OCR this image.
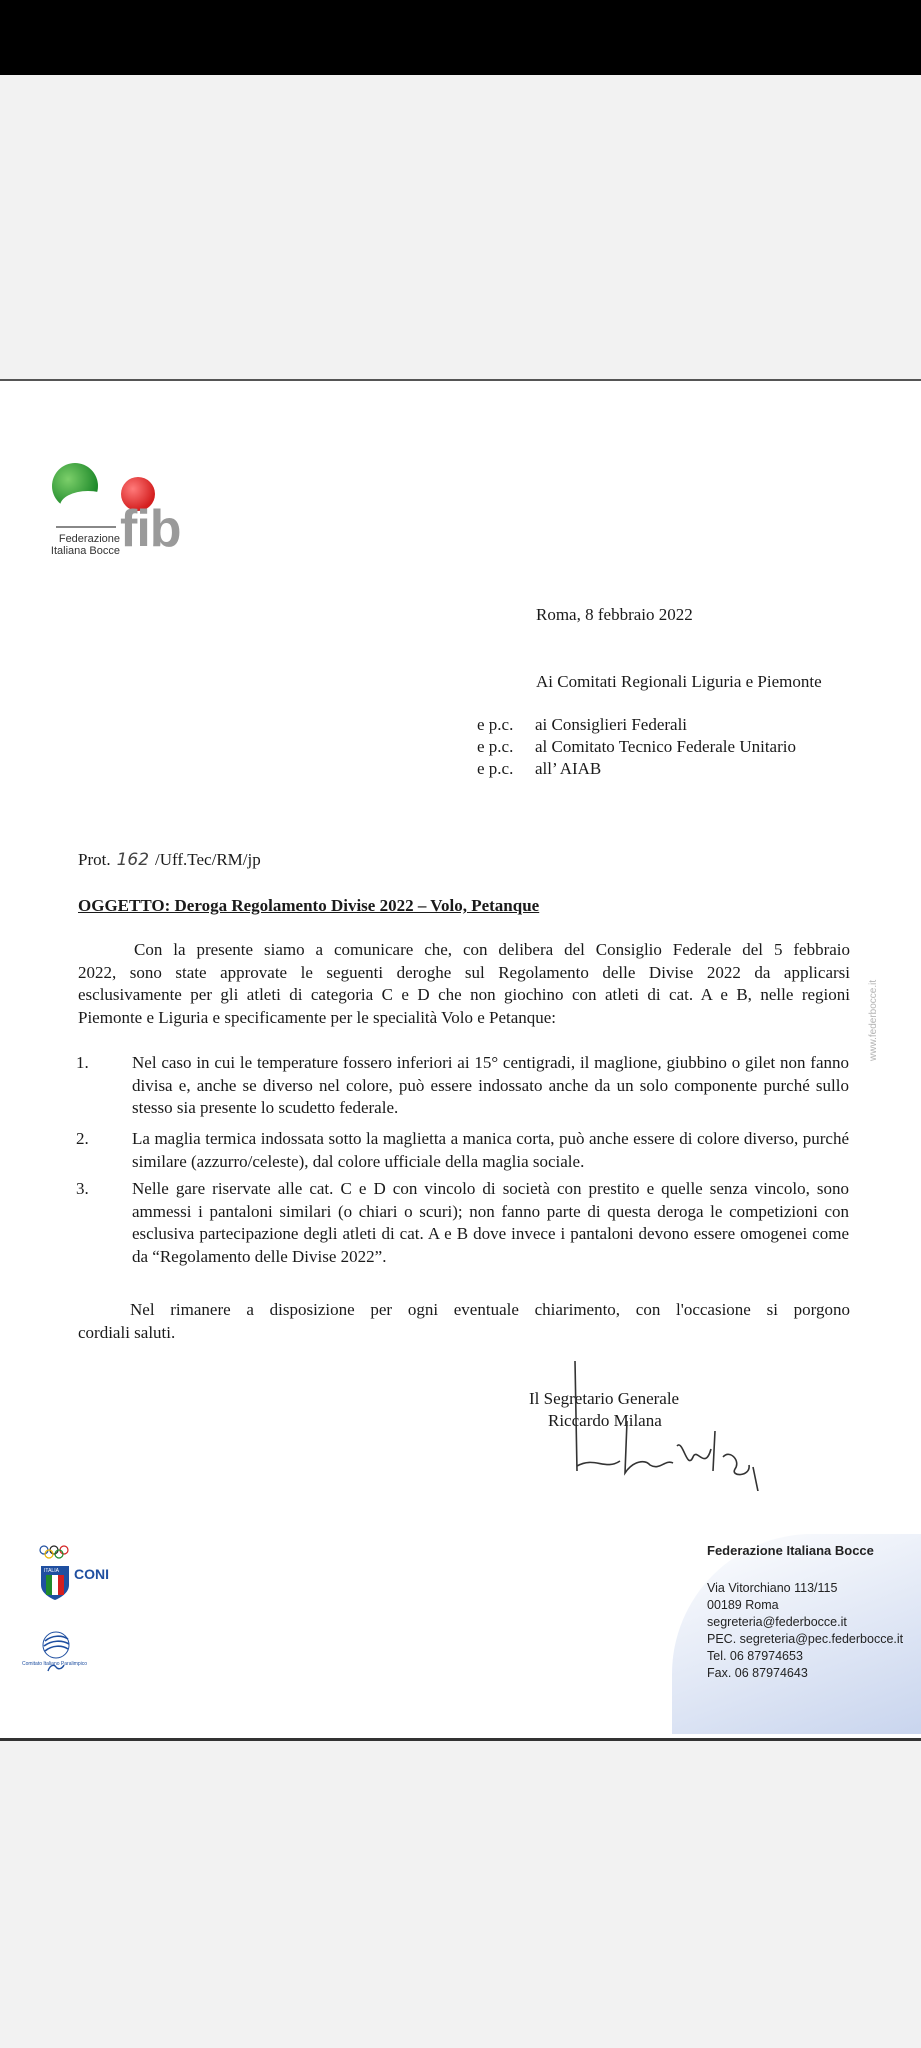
fib
Federazione
Italiana Bocce
Roma, 8 febbraio 2022
Ai Comitati Regionali Liguria e Piemonte
e p.c. ai Consiglieri Federali
e p.c. al Comitato Tecnico Federale Unitario
e p.c. all’ AIAB
Prot. 162 /Uff.Tec/RM/jp
OGGETTO: Deroga Regolamento Divise 2022 – Volo, Petanque
Con la presente siamo a comunicare che, con delibera del Consiglio Federale del 5 febbraio
2022, sono state approvate le seguenti deroghe sul Regolamento delle Divise 2022 da applicarsi
esclusivamente per gli atleti di categoria C e D che non giochino con atleti di cat. A e B, nelle regioni
Piemonte e Liguria e specificamente per le specialità Volo e Petanque:
1.	Nel caso in cui le temperature fossero inferiori ai 15° centigradi, il maglione, giubbino o gilet non fanno divisa e, anche se diverso nel colore, può essere indossato anche da un solo componente purché sullo stesso sia presente lo scudetto federale.
2.	La maglia termica indossata sotto la maglietta a manica corta, può anche essere di colore diverso, purché similare (azzurro/celeste), dal colore ufficiale della maglia sociale.
3.	Nelle gare riservate alle cat. C e D con vincolo di società con prestito e quelle senza vincolo, sono ammessi i pantaloni similari (o chiari o scuri); non fanno parte di questa deroga le competizioni con esclusiva partecipazione degli atleti di cat. A e B dove invece i pantaloni devono essere omogenei come da “Regolamento delle Divise 2022”.
Nel rimanere a disposizione per ogni eventuale chiarimento, con l'occasione si porgono
cordiali saluti.
www.federbocce.it
Il Segretario Generale
Riccardo Milana
CONI
ITALIA
Comitato Italiano Paralimpico
Federazione Italiana Bocce
Via Vitorchiano 113/115
00189 Roma
segreteria@federbocce.it
PEC. segreteria@pec.federbocce.it
Tel. 06 87974653
Fax. 06 87974643
